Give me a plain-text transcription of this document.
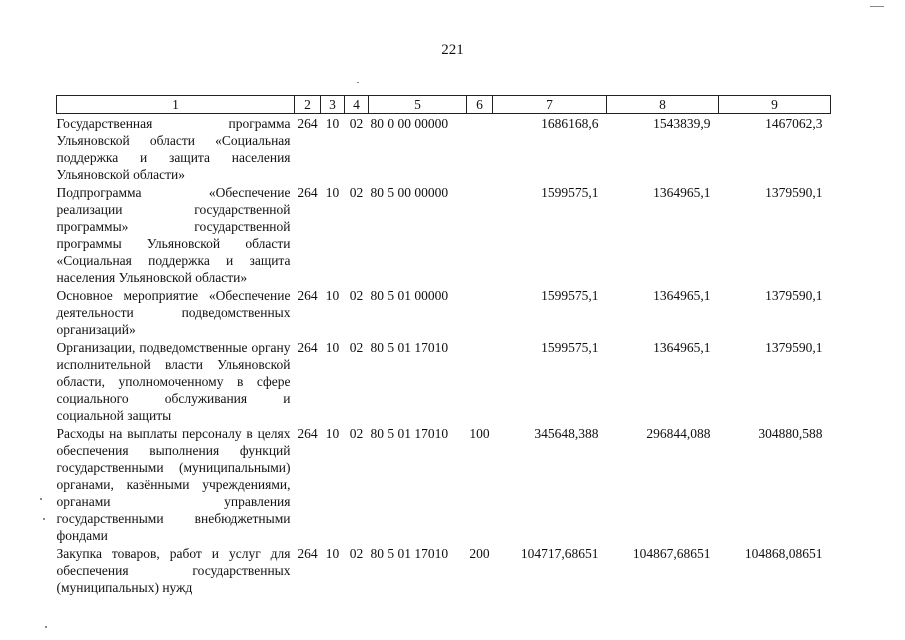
221
1	2	3	4	5	6	7	8	9
Государственная программа Ульяновской области «Социальная поддержка и защита населения Ульяновской области»	264	10	02	80 0 00 00000		1686168,6	1543839,9	1467062,3
Подпрограмма «Обеспечение реализации государственной программы» государственной программы Ульяновской области «Социальная поддержка и защита населения Ульяновской области»	264	10	02	80 5 00 00000		1599575,1	1364965,1	1379590,1
Основное мероприятие «Обеспечение деятельности подведомственных организаций»	264	10	02	80 5 01 00000		1599575,1	1364965,1	1379590,1
Организации, подведомственные органу исполнительной власти Ульяновской области, уполномоченному в сфере социального обслуживания и социальной защиты	264	10	02	80 5 01 17010		1599575,1	1364965,1	1379590,1
Расходы на выплаты персоналу в целях обеспечения выполнения функций государственными (муниципальными) органами, казёнными учреждениями, органами управления государственными внебюджетными фондами	264	10	02	80 5 01 17010	100	345648,388	296844,088	304880,588
Закупка товаров, работ и услуг для обеспечения государственных (муниципальных) нужд	264	10	02	80 5 01 17010	200	104717,68651	104867,68651	104868,08651
